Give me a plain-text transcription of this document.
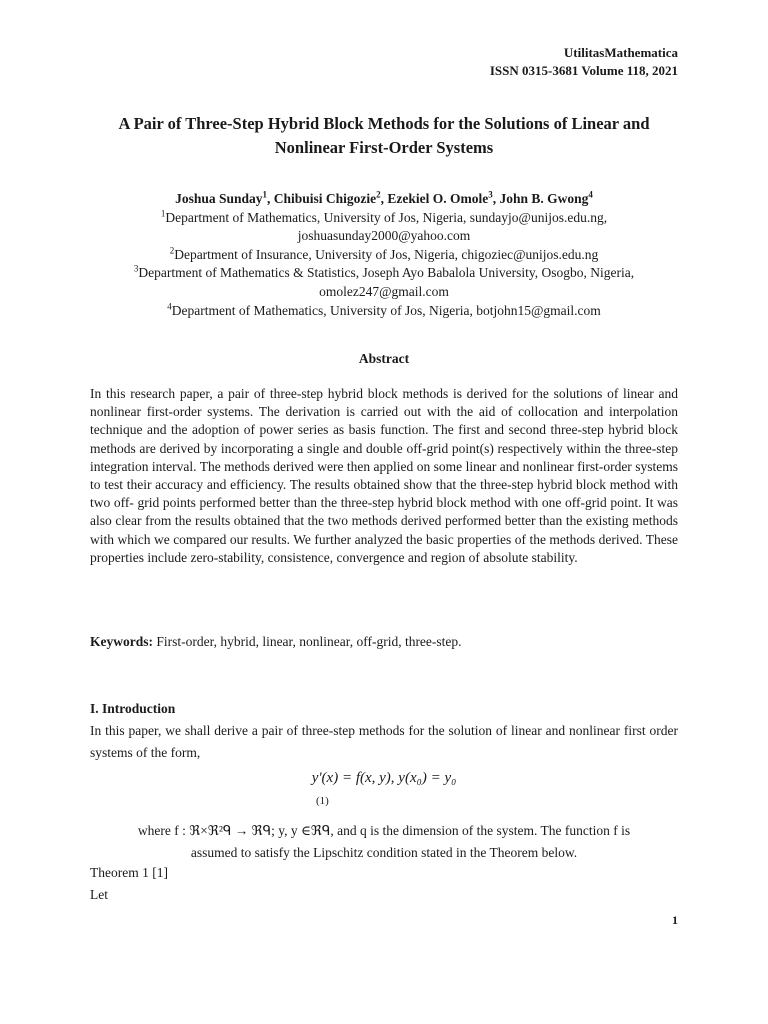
UtilitasMathematica
ISSN 0315-3681 Volume 118, 2021
A Pair of Three-Step Hybrid Block Methods for the Solutions of Linear and
Nonlinear First-Order Systems
Joshua Sunday$^1$, Chibuisi Chigozie$^2$, Ezekiel O. Omole$^3$, John B. Gwong$^4$
$^1$Department of Mathematics, University of Jos, Nigeria, sundayjo@unijos.edu.ng,
joshuasunday2000@yahoo.com
$^2$Department of Insurance, University of Jos, Nigeria, chigoziec@unijos.edu.ng
$^3$Department of Mathematics & Statistics, Joseph Ayo Babalola University, Osogbo, Nigeria,
omolez247@gmail.com
$^4$Department of Mathematics, University of Jos, Nigeria, botjohn15@gmail.com
Abstract
In this research paper, a pair of three-step hybrid block methods is derived for the solutions of linear and nonlinear first-order systems. The derivation is carried out with the aid of collocation and interpolation technique and the adoption of power series as basis function. The first and second three-step hybrid block methods are derived by incorporating a single and double off-grid point(s) respectively within the three-step integration interval. The methods derived were then applied on some linear and nonlinear first-order systems to test their accuracy and efficiency. The results obtained show that the three-step hybrid block method with two off- grid points performed better than the three-step hybrid block method with one off-grid point. It was also clear from the results obtained that the two methods derived performed better than the existing methods with which we compared our results. We further analyzed the basic properties of the methods derived. These properties include zero-stability, consistence, convergence and region of absolute stability.
Keywords: First-order, hybrid, linear, nonlinear, off-grid, three-step.
I. Introduction
In this paper, we shall derive a pair of three-step methods for the solution of linear and nonlinear first order systems of the form,
y'(x) = f(x, y), y(x₀) = y₀
(1)
where f : ℜ×ℜ²ᑫ → ℜᑫ; y, y ∈ℜᑫ, and q is the dimension of the system. The function f is
assumed to satisfy the Lipschitz condition stated in the Theorem below.
Theorem 1 [1]
Let
1
